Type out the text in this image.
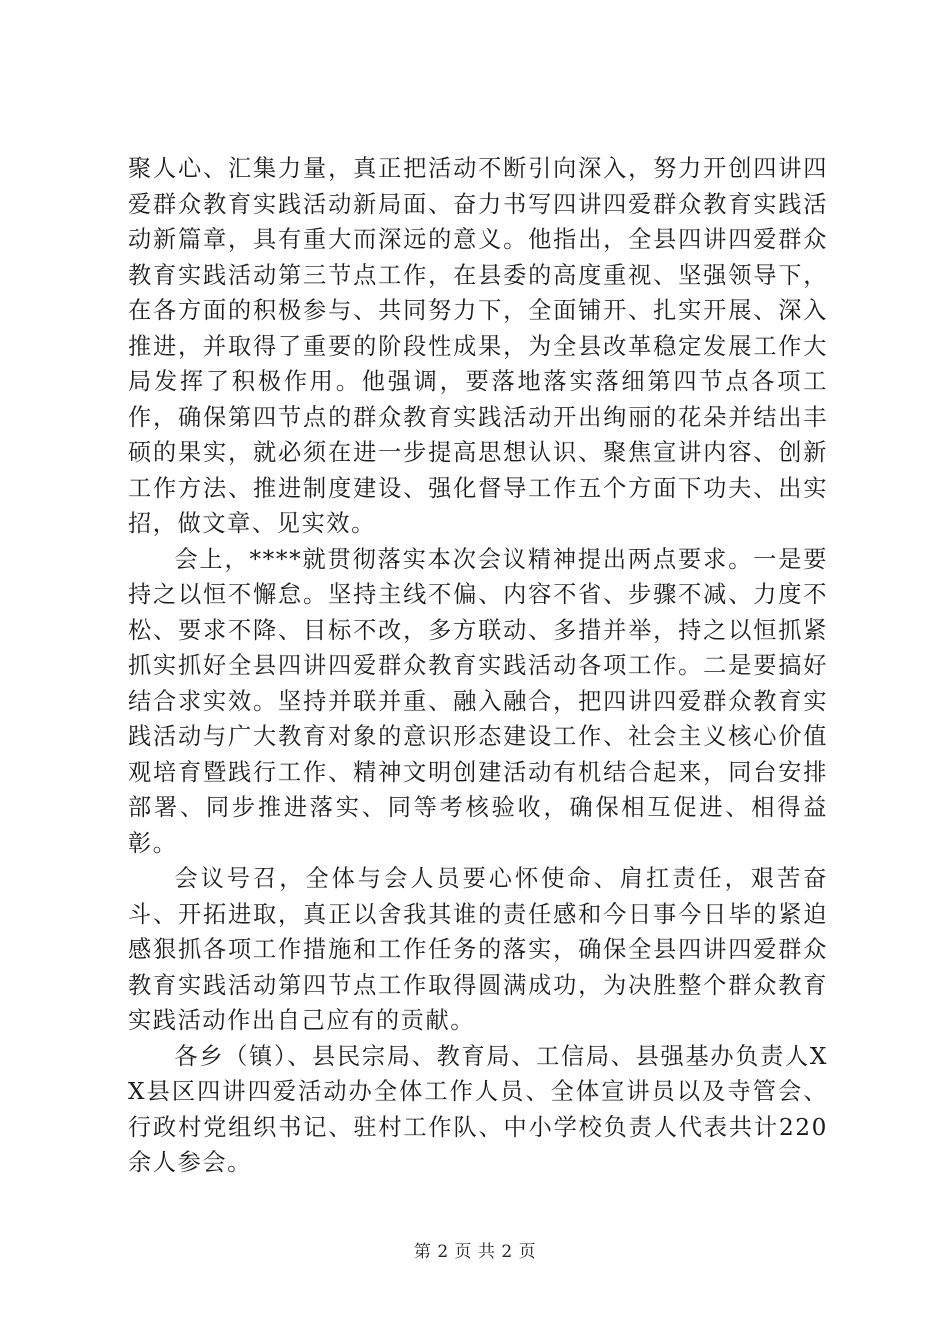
聚人心、汇集力量，真正把活动不断引向深入，努力开创四讲四爱群众教育实践活动新局面、奋力书写四讲四爱群众教育实践活动新篇章，具有重大而深远的意义。他指出，全县四讲四爱群众教育实践活动第三节点工作，在县委的高度重视、坚强领导下，在各方面的积极参与、共同努力下，全面铺开、扎实开展、深入推进，并取得了重要的阶段性成果，为全县改革稳定发展工作大局发挥了积极作用。他强调，要落地落实落细第四节点各项工作，确保第四节点的群众教育实践活动开出绚丽的花朵并结出丰硕的果实，就必须在进一步提高思想认识、聚焦宣讲内容、创新工作方法、推进制度建设、强化督导工作五个方面下功夫、出实招，做文章、见实效。

会上，****就贯彻落实本次会议精神提出两点要求。一是要持之以恒不懈怠。坚持主线不偏、内容不省、步骤不减、力度不松、要求不降、目标不改，多方联动、多措并举，持之以恒抓紧抓实抓好全县四讲四爱群众教育实践活动各项工作。二是要搞好结合求实效。坚持并联并重、融入融合，把四讲四爱群众教育实践活动与广大教育对象的意识形态建设工作、社会主义核心价值观培育暨践行工作、精神文明创建活动有机结合起来，同台安排部署、同步推进落实、同等考核验收，确保相互促进、相得益彰。

会议号召，全体与会人员要心怀使命、肩扛责任，艰苦奋斗、开拓进取，真正以舍我其谁的责任感和今日事今日毕的紧迫感狠抓各项工作措施和工作任务的落实，确保全县四讲四爱群众教育实践活动第四节点工作取得圆满成功，为决胜整个群众教育实践活动作出自己应有的贡献。

各乡（镇）、县民宗局、教育局、工信局、县强基办负责人XX县区四讲四爱活动办全体工作人员、全体宣讲员以及寺管会、行政村党组织书记、驻村工作队、中小学校负责人代表共计220余人参会。

第 2 页 共 2 页
